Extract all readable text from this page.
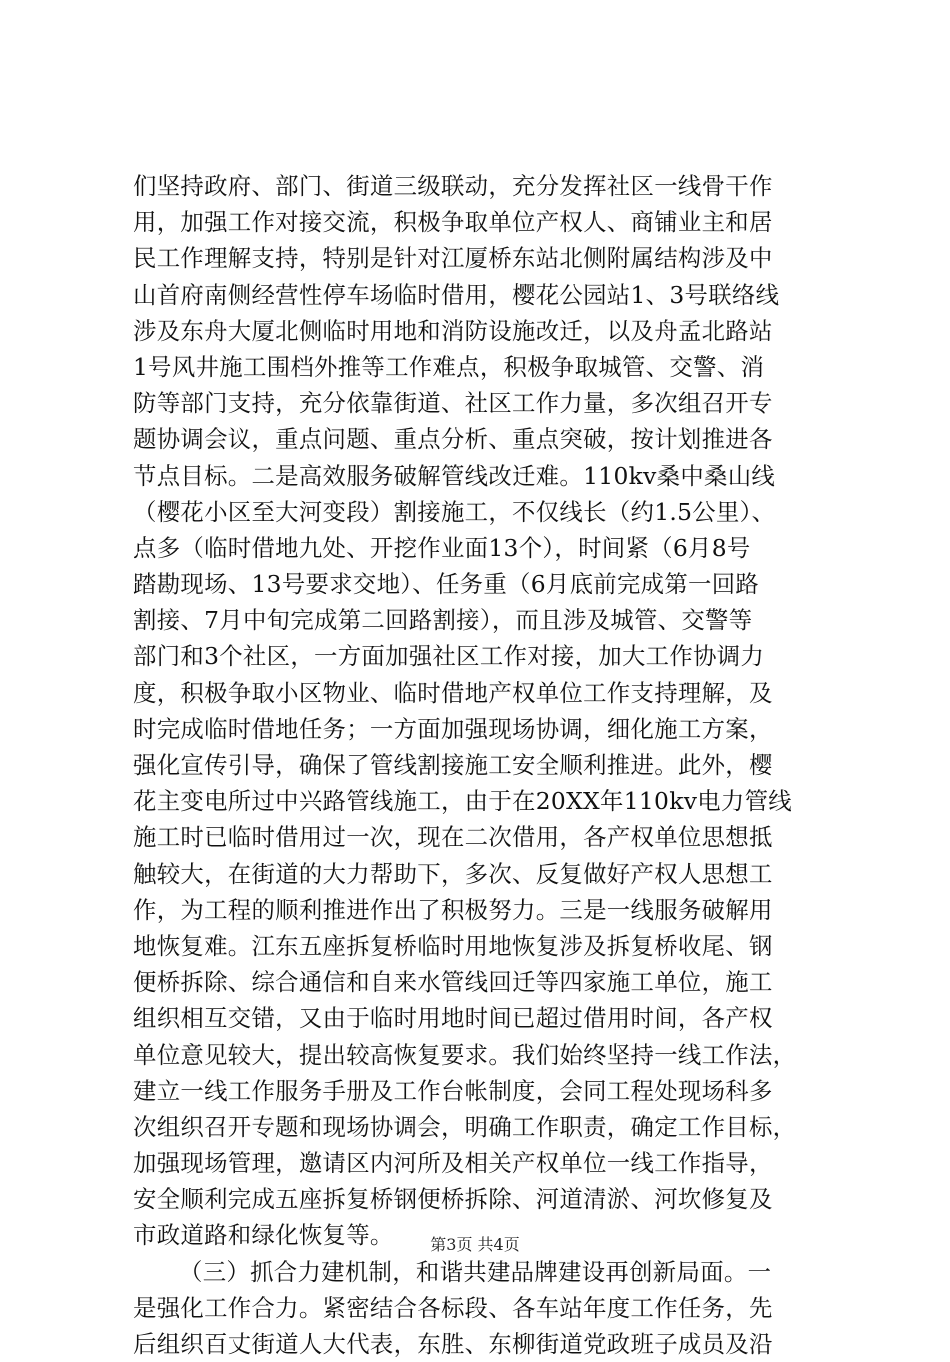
们坚持政府、部门、街道三级联动，充分发挥社区一线骨干作
用，加强工作对接交流，积极争取单位产权人、商铺业主和居
民工作理解支持，特别是针对江厦桥东站北侧附属结构涉及中
山首府南侧经营性停车场临时借用，樱花公园站1、3号联络线
涉及东舟大厦北侧临时用地和消防设施改迁，以及舟孟北路站
1号风井施工围档外推等工作难点，积极争取城管、交警、消
防等部门支持，充分依靠街道、社区工作力量，多次组召开专
题协调会议，重点问题、重点分析、重点突破，按计划推进各
节点目标。二是高效服务破解管线改迁难。110kv桑中桑山线
（樱花小区至大河变段）割接施工，不仅线长（约1.5公里）、
点多（临时借地九处、开挖作业面13个），时间紧（6月8号
踏勘现场、13号要求交地）、任务重（6月底前完成第一回路
割接、7月中旬完成第二回路割接），而且涉及城管、交警等
部门和3个社区，一方面加强社区工作对接，加大工作协调力
度，积极争取小区物业、临时借地产权单位工作支持理解，及
时完成临时借地任务；一方面加强现场协调，细化施工方案，
强化宣传引导，确保了管线割接施工安全顺利推进。此外，樱
花主变电所过中兴路管线施工，由于在20XX年110kv电力管线
施工时已临时借用过一次，现在二次借用，各产权单位思想抵
触较大，在街道的大力帮助下，多次、反复做好产权人思想工
作，为工程的顺利推进作出了积极努力。三是一线服务破解用
地恢复难。江东五座拆复桥临时用地恢复涉及拆复桥收尾、钢
便桥拆除、综合通信和自来水管线回迁等四家施工单位，施工
组织相互交错，又由于临时用地时间已超过借用时间，各产权
单位意见较大，提出较高恢复要求。我们始终坚持一线工作法，
建立一线工作服务手册及工作台帐制度，会同工程处现场科多
次组织召开专题和现场协调会，明确工作职责，确定工作目标，
加强现场管理，邀请区内河所及相关产权单位一线工作指导，
安全顺利完成五座拆复桥钢便桥拆除、河道清淤、河坎修复及
市政道路和绿化恢复等。
（三）抓合力建机制，和谐共建品牌建设再创新局面。一
是强化工作合力。紧密结合各标段、各车站年度工作任务，先
后组织百丈街道人大代表，东胜、东柳街道党政班子成员及沿
第3页 共4页
